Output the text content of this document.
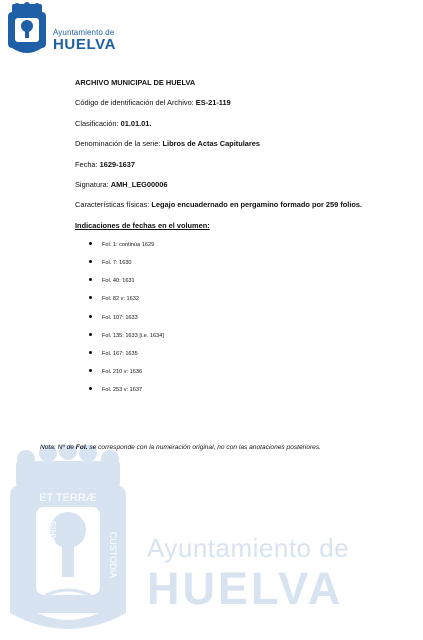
Ayuntamiento de
HUELVA
ARCHIVO MUNICIPAL DE HUELVA
Código de identificación del Archivo: ES-21-119
Clasificación: 01.01.01.
Denominación de la serie: Libros de Actas Capitulares
Fecha: 1629-1637
Signatura: AMH_LEG00006
Características físicas: Legajo encuadernado en pergamino formado por 259 folios.
Indicaciones de fechas en el volumen:
Fol. 1: continúa 1629
Fol. 7: 1630
Fol. 40: 1631
Fol. 82 v: 1632
Fol. 107: 1633
Fol. 135: 1633 [i.e. 1634]
Fol. 167: 1635
Fol. 210 v: 1636
Fol. 253 v: 1637
ET TERRÆ
PORTUS MARIS	CUSTODIA Ayuntamiento de
HUELVA
Nota: Nº de Fol. se corresponde con la numeración original, no con las anotaciones posteriores.
